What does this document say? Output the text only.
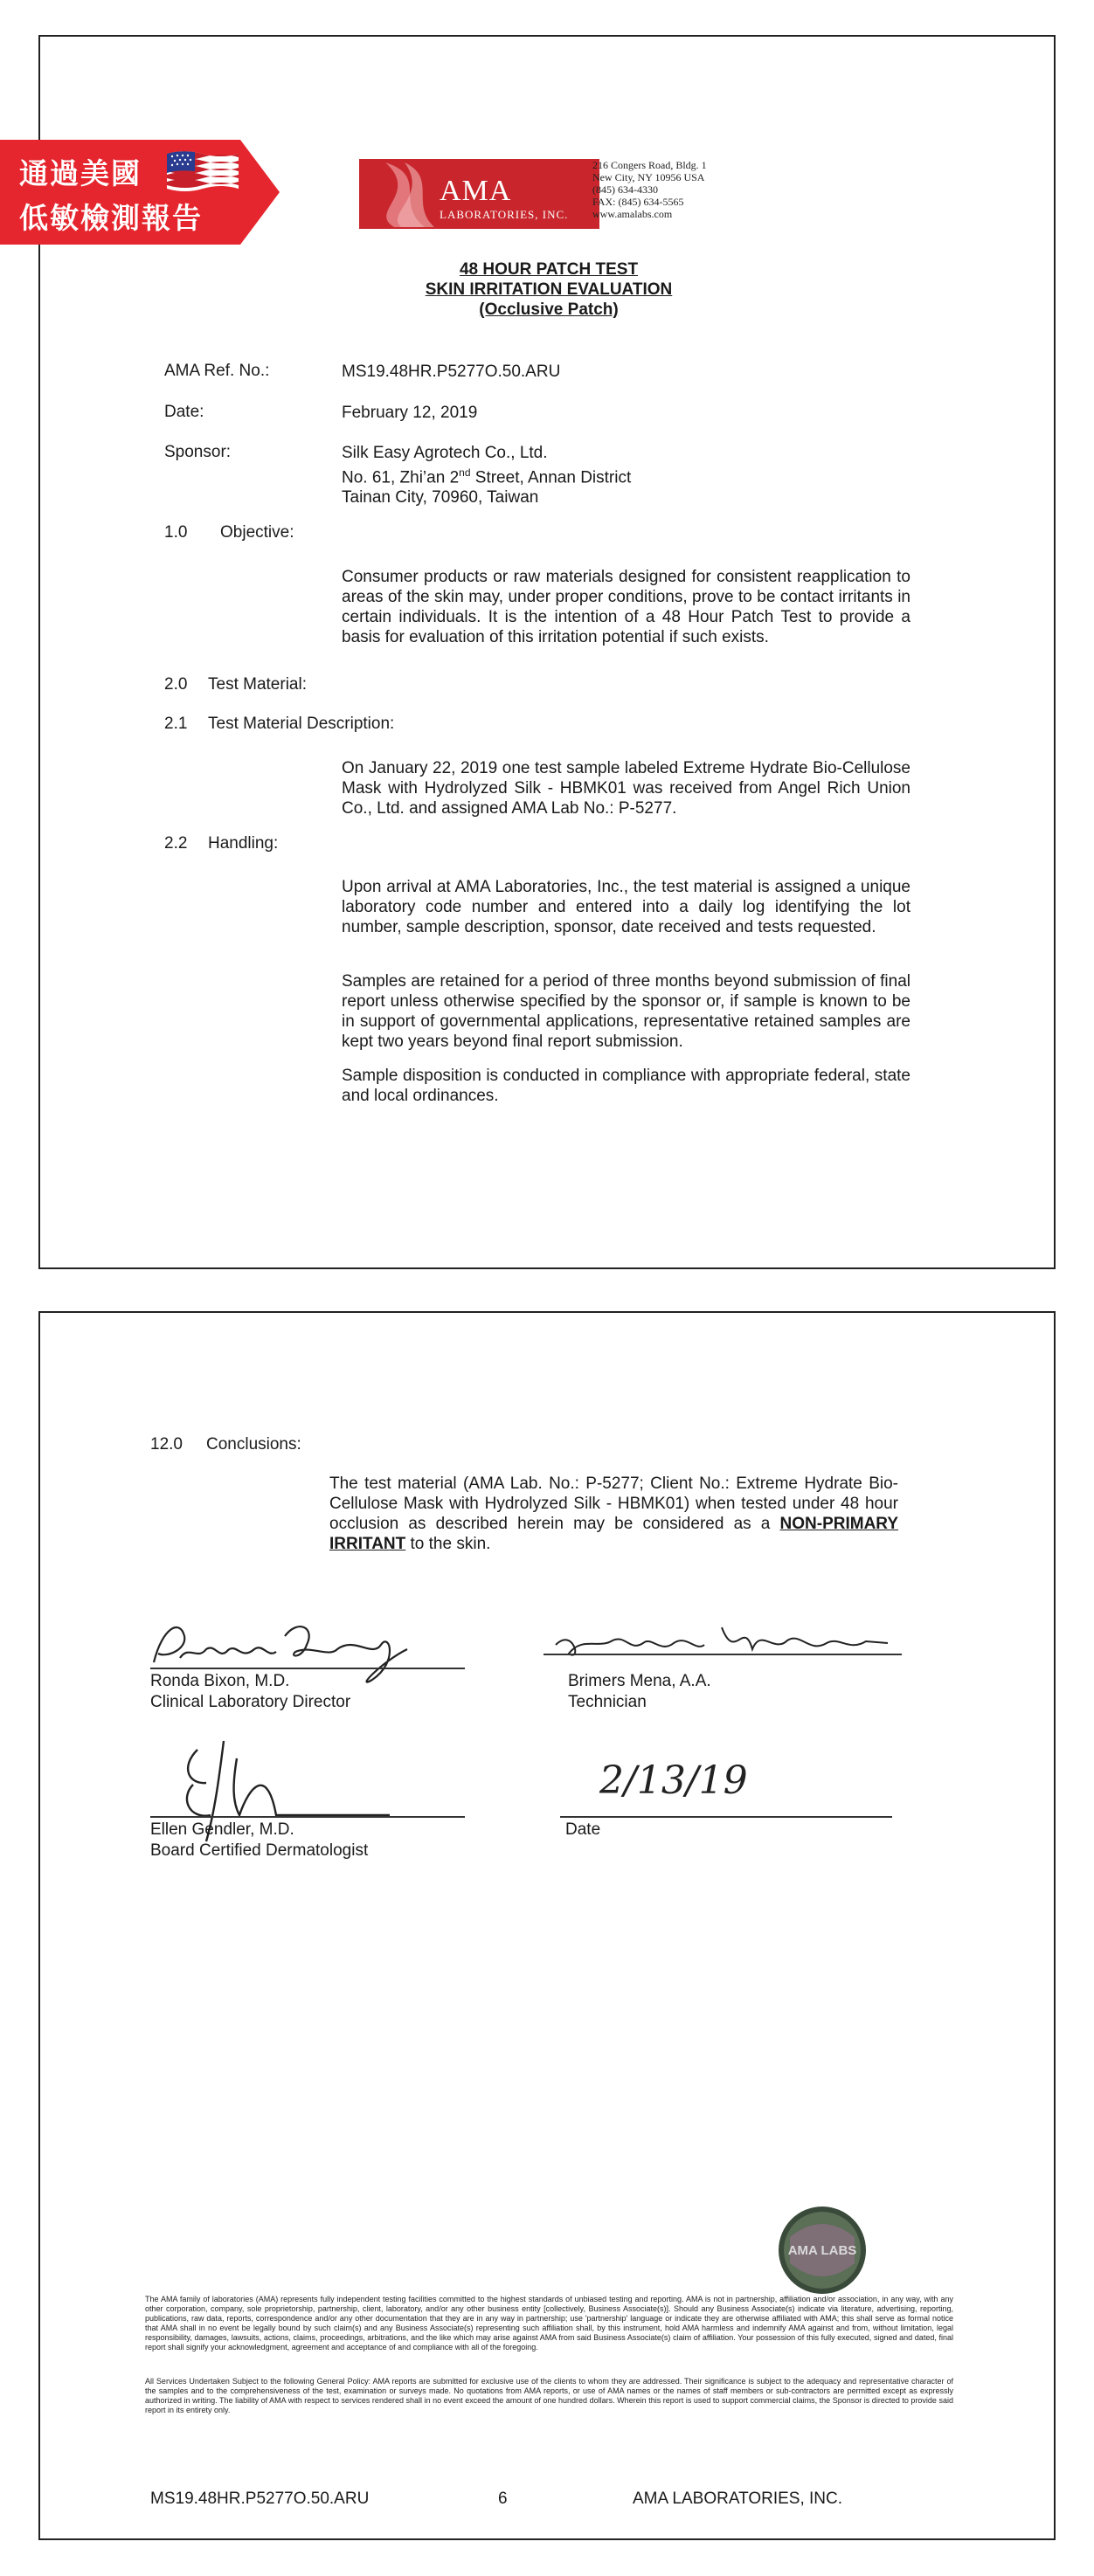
通過美國
低敏檢測報告
AMA
LABORATORIES, INC.
216 Congers Road, Bldg. 1
New City, NY 10956 USA
(845) 634-4330
FAX: (845) 634-5565
www.amalabs.com
48 HOUR PATCH TEST
SKIN IRRITATION EVALUATION
(Occlusive Patch)
AMA Ref. No.:	MS19.48HR.P5277O.50.ARU
Date:	February 12, 2019
Sponsor:	Silk Easy Agrotech Co., Ltd.
No. 61, Zhi’an 2nd Street, Annan District
Tainan City, 70960, Taiwan
1.0 Objective:
Consumer products or raw materials designed for consistent reapplication to areas of the skin may, under proper conditions, prove to be contact irritants in certain individuals. It is the intention of a 48 Hour Patch Test to provide a basis for evaluation of this irritation potential if such exists.
2.0 Test Material:
2.1 Test Material Description:
On January 22, 2019 one test sample labeled Extreme Hydrate Bio-Cellulose Mask with Hydrolyzed Silk - HBMK01 was received from Angel Rich Union Co., Ltd. and assigned AMA Lab No.: P-5277.
2.2 Handling:
Upon arrival at AMA Laboratories, Inc., the test material is assigned a unique laboratory code number and entered into a daily log identifying the lot number, sample description, sponsor, date received and tests requested.
Samples are retained for a period of three months beyond submission of final report unless otherwise specified by the sponsor or, if sample is known to be in support of governmental applications, representative retained samples are kept two years beyond final report submission.
Sample disposition is conducted in compliance with appropriate federal, state and local ordinances.
12.0 Conclusions:
The test material (AMA Lab. No.: P-5277; Client No.: Extreme Hydrate Bio-Cellulose Mask with Hydrolyzed Silk - HBMK01) when tested under 48 hour occlusion as described herein may be considered as a NON-PRIMARY IRRITANT to the skin.
Ronda Bixon, M.D.
Clinical Laboratory Director
Brimers Mena, A.A.
Technician
Ellen Gendler, M.D.
Board Certified Dermatologist
2/13/19
Date
AMA LABS
The AMA family of laboratories (AMA) represents fully independent testing facilities committed to the highest standards of unbiased testing and reporting. AMA is not in partnership, affiliation and/or association, in any way, with any other corporation, company, sole proprietorship, partnership, client, laboratory, and/or any other business entity [collectively, Business Associate(s)]. Should any Business Associate(s) indicate via literature, advertising, reporting, publications, raw data, reports, correspondence and/or any other documentation that they are in any way in partnership; use 'partnership' language or indicate they are otherwise affiliated with AMA; this shall serve as formal notice that AMA shall in no event be legally bound by such claim(s) and any Business Associate(s) representing such affiliation shall, by this instrument, hold AMA harmless and indemnify AMA against and from, without limitation, legal responsibility, damages, lawsuits, actions, claims, proceedings, arbitrations, and the like which may arise against AMA from said Business Associate(s) claim of affiliation. Your possession of this fully executed, signed and dated, final report shall signify your acknowledgment, agreement and acceptance of and compliance with all of the foregoing.
All Services Undertaken Subject to the following General Policy: AMA reports are submitted for exclusive use of the clients to whom they are addressed. Their significance is subject to the adequacy and representative character of the samples and to the comprehensiveness of the test, examination or surveys made. No quotations from AMA reports, or use of AMA names or the names of staff members or sub-contractors are permitted except as expressly authorized in writing. The liability of AMA with respect to services rendered shall in no event exceed the amount of one hundred dollars. Wherein this report is used to support commercial claims, the Sponsor is directed to provide said report in its entirety only.
MS19.48HR.P5277O.50.ARU	6	AMA LABORATORIES, INC.
